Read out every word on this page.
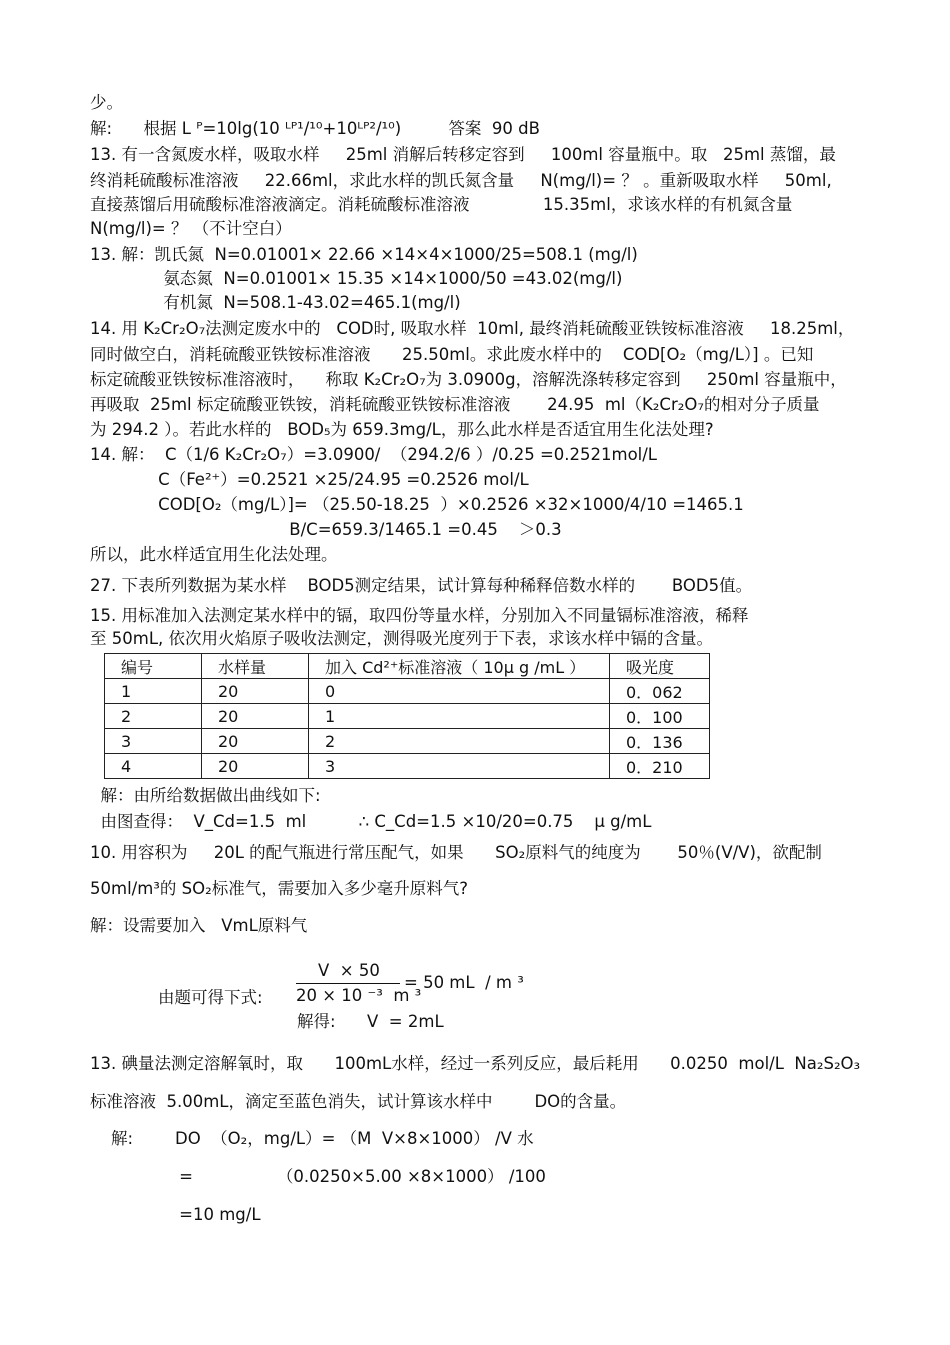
少。
解:      根据 L ᴾ=10lg(10 ᴸᴾ¹/¹⁰+10ᴸᴾ²/¹⁰)         答案  90 dB
13. 有一含氮废水样，吸取水样     25ml 消解后转移定容到     100ml 容量瓶中。取   25ml 蒸馏，最
终消耗硫酸标准溶液     22.66ml，求此水样的凯氏氮含量     N(mg/l)= ？ 。重新吸取水样     50ml,
直接蒸馏后用硫酸标准溶液滴定。消耗硫酸标准溶液              15.35ml，求该水样的有机氮含量
N(mg/l)= ？ （不计空白）
13. 解：凯氏氮  N=0.01001× 22.66 ×14×4×1000/25=508.1 (mg/l)
氨态氮  N=0.01001× 15.35 ×14×1000/50 =43.02(mg/l)
有机氮  N=508.1-43.02=465.1(mg/l)
14. 用 K₂Cr₂O₇法测定废水中的   COD时, 吸取水样  10ml, 最终消耗硫酸亚铁铵标准溶液     18.25ml，
同时做空白，消耗硫酸亚铁铵标准溶液      25.50ml。求此废水样中的    COD[O₂（mg/L）] 。已知
标定硫酸亚铁铵标准溶液时，    称取 K₂Cr₂O₇为 3.0900g，溶解洗涤转移定容到     250ml 容量瓶中，
再吸取  25ml 标定硫酸亚铁铵，消耗硫酸亚铁铵标准溶液       24.95  ml（K₂Cr₂O₇的相对分子质量
为 294.2 ）。若此水样的   BOD₅为 659.3mg/L，那么此水样是否适宜用生化法处理?
14. 解：  C（1/6 K₂Cr₂O₇）=3.0900/  （294.2/6 ）/0.25 =0.2521mol/L
C（Fe²⁺）=0.2521 ×25/24.95 =0.2526 mol/L
COD[O₂（mg/L）]= （25.50-18.25  ）×0.2526 ×32×1000/4/10 =1465.1
B/C=659.3/1465.1 =0.45    ＞0.3
所以，此水样适宜用生化法处理。
27. 下表所列数据为某水样    BOD5测定结果，试计算每种稀释倍数水样的       BOD5值。
15. 用标准加入法测定某水样中的镉，取四份等量水样，分别加入不同量镉标准溶液，稀释
至 50mL, 依次用火焰原子吸收法测定，测得吸光度列于下表，求该水样中镉的含量。
编号	水样量	加入 Cd²⁺标准溶液（ 10μ g /mL ）	吸光度
1	20	0	0．062
2	20	1	0．100
3	20	2	0．136
4	20	3	0．210
解：由所给数据做出曲线如下:
由图查得：  V_Cd=1.5  ml          ∴ C_Cd=1.5 ×10/20=0.75    μ g/mL
10. 用容积为     20L 的配气瓶进行常压配气，如果      SO₂原料气的纯度为       50％(V/V)，欲配制
50ml/m³的 SO₂标准气，需要加入多少毫升原料气?
解：设需要加入   VmL原料气
由题可得下式:
V  × 50
20 × 10 ⁻³  m ³
= 50 mL  / m ³
解得:      V  = 2mL
13. 碘量法测定溶解氧时，取      100mL水样，经过一系列反应，最后耗用      0.0250  mol/L  Na₂S₂O₃
标准溶液  5.00mL，滴定至蓝色消失，试计算该水样中        DO的含量。
解:        DO  （O₂，mg/L）= （M  V×8×1000） /V 水
=                （0.0250×5.00 ×8×1000） /100
=10 mg/L
